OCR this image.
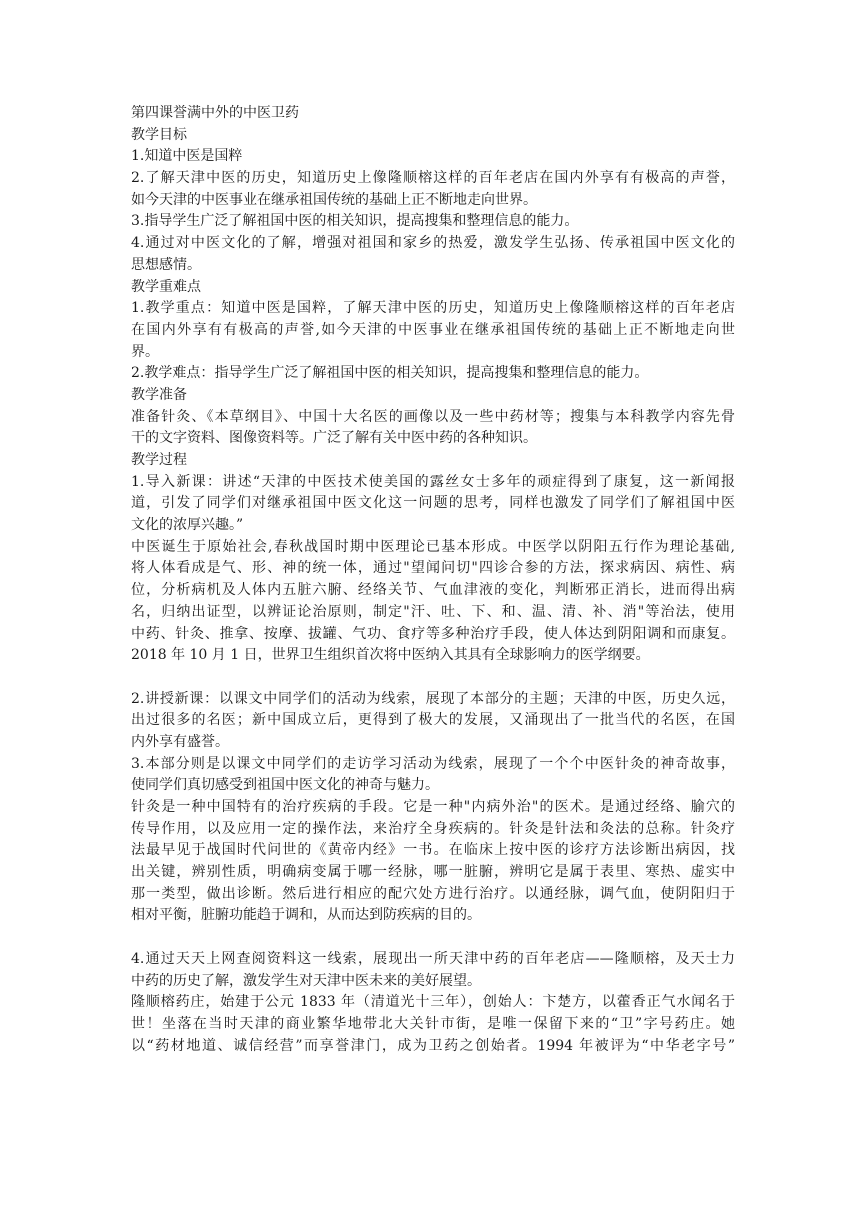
第四课誉满中外的中医卫药
教学目标
1.知道中医是国粹
2.了解天津中医的历史，知道历史上像隆顺榕这样的百年老店在国内外享有有极高的声誉，
如今天津的中医事业在继承祖国传统的基础上正不断地走向世界。
3.指导学生广泛了解祖国中医的相关知识，提高搜集和整理信息的能力。
4.通过对中医文化的了解，增强对祖国和家乡的热爱，激发学生弘扬、传承祖国中医文化的
思想感情。
教学重难点
1.教学重点：知道中医是国粹，了解天津中医的历史，知道历史上像隆顺榕这样的百年老店
在国内外享有有极高的声誉,如今天津的中医事业在继承祖国传统的基础上正不断地走向世
界。
2.教学难点：指导学生广泛了解祖国中医的相关知识，提高搜集和整理信息的能力。
教学准备
准备针灸、《本草纲目》、中国十大名医的画像以及一些中药材等；搜集与本科教学内容先骨
干的文字资料、图像资料等。广泛了解有关中医中药的各种知识。
教学过程
1.导入新课：讲述“天津的中医技术使美国的露丝女士多年的顽症得到了康复，这一新闻报
道，引发了同学们对继承祖国中医文化这一问题的思考，同样也激发了同学们了解祖国中医
文化的浓厚兴趣。”
中医诞生于原始社会,春秋战国时期中医理论已基本形成。中医学以阴阳五行作为理论基础,
将人体看成是气、形、神的统一体，通过"望闻问切"四诊合参的方法，探求病因、病性、病
位，分析病机及人体内五脏六腑、经络关节、气血津液的变化，判断邪正消长，进而得出病
名，归纳出证型，以辨证论治原则，制定"汗、吐、下、和、温、清、补、消"等治法，使用
中药、针灸、推拿、按摩、拔罐、气功、食疗等多种治疗手段，使人体达到阴阳调和而康复。
2018 年 10 月 1 日，世界卫生组织首次将中医纳入其具有全球影响力的医学纲要。
2.讲授新课：以课文中同学们的活动为线索，展现了本部分的主题；天津的中医，历史久远，
出过很多的名医；新中国成立后，更得到了极大的发展，又涌现出了一批当代的名医，在国
内外享有盛誉。
3.本部分则是以课文中同学们的走访学习活动为线索，展现了一个个中医针灸的神奇故事，
使同学们真切感受到祖国中医文化的神奇与魅力。
针灸是一种中国特有的治疗疾病的手段。它是一种"内病外治"的医术。是通过经络、腧穴的
传导作用，以及应用一定的操作法，来治疗全身疾病的。针灸是针法和灸法的总称。针灸疗
法最早见于战国时代问世的《黄帝内经》一书。在临床上按中医的诊疗方法诊断出病因，找
出关键，辨别性质，明确病变属于哪一经脉，哪一脏腑，辨明它是属于表里、寒热、虚实中
那一类型，做出诊断。然后进行相应的配穴处方进行治疗。以通经脉，调气血，使阴阳归于
相对平衡，脏腑功能趋于调和，从而达到防疾病的目的。
4.通过天天上网查阅资料这一线索，展现出一所天津中药的百年老店——隆顺榕，及天士力
中药的历史了解，激发学生对天津中医未来的美好展望。
隆顺榕药庄，始建于公元 1833 年（清道光十三年），创始人：卞楚方，以藿香正气水闻名于
世！坐落在当时天津的商业繁华地带北大关针市街，是唯一保留下来的“卫”字号药庄。她
以“药材地道、诚信经营”而享誉津门，成为卫药之创始者。1994 年被评为“中华老字号”
